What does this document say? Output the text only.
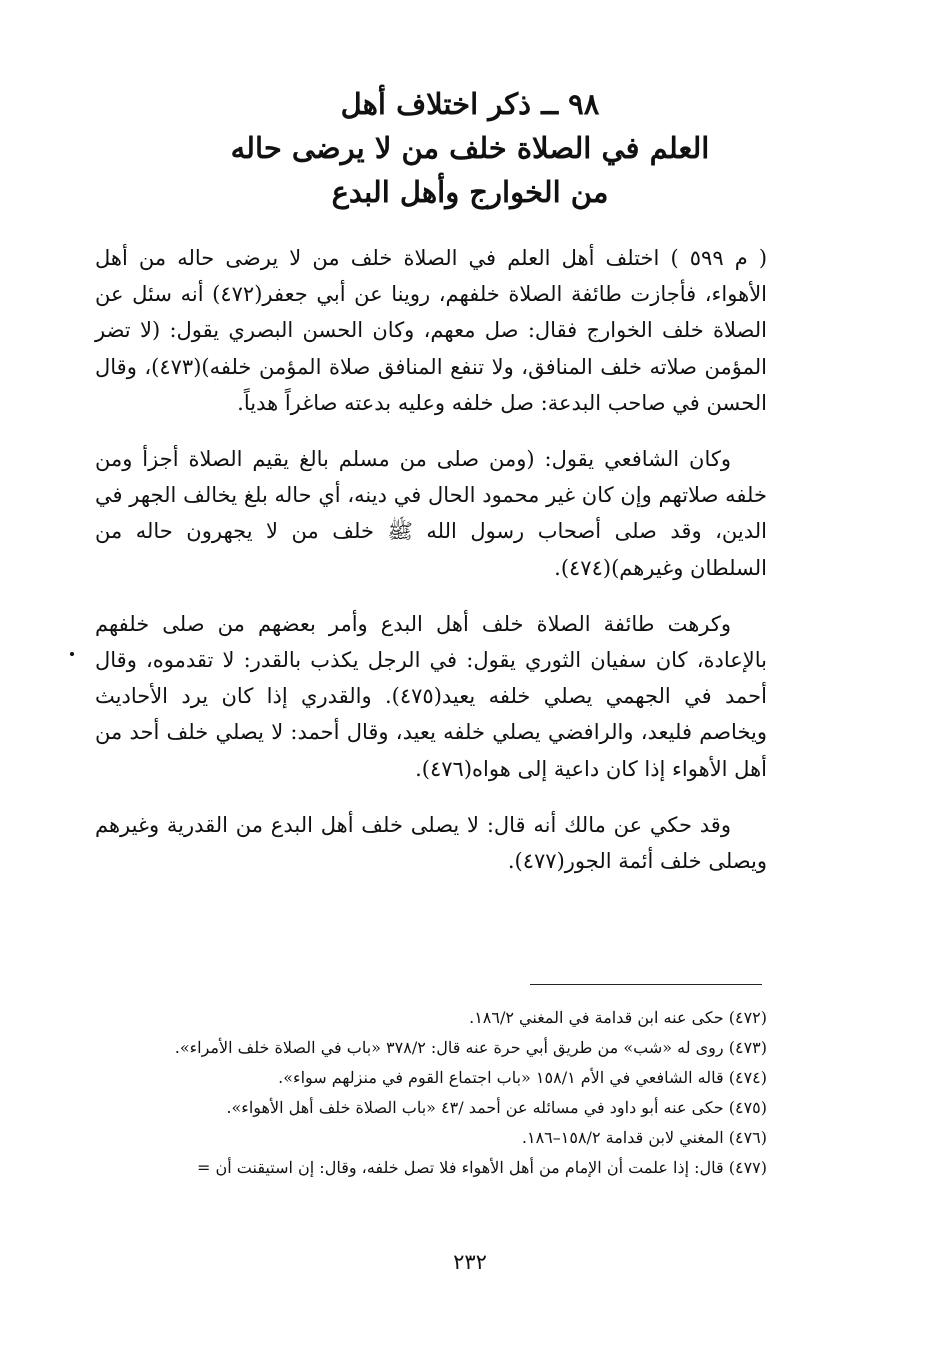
٩٨ ــ ذكر اختلاف أهل
العلم في الصلاة خلف من لا يرضى حاله
من الخوارج وأهل البدع

( م ٥٩٩ ) اختلف أهل العلم في الصلاة خلف من لا يرضى حاله من أهل الأهواء، فأجازت طائفة الصلاة خلفهم، روينا عن أبي جعفر(٤٧٢) أنه سئل عن الصلاة خلف الخوارج فقال: صل معهم، وكان الحسن البصري يقول: (لا تضر المؤمن صلاته خلف المنافق، ولا تنفع المنافق صلاة المؤمن خلفه)(٤٧٣)، وقال الحسن في صاحب البدعة: صل خلفه وعليه بدعته صاغراً هدياً.

وكان الشافعي يقول: (ومن صلى من مسلم بالغ يقيم الصلاة أجزأ ومن خلفه صلاتهم وإن كان غير محمود الحال في دينه، أي حاله بلغ يخالف الجهر في الدين، وقد صلى أصحاب رسول الله ﷺ خلف من لا يجهرون حاله من السلطان وغيرهم)(٤٧٤).

وكرهت طائفة الصلاة خلف أهل البدع وأمر بعضهم من صلى خلفهم بالإعادة، كان سفيان الثوري يقول: في الرجل يكذب بالقدر: لا تقدموه، وقال أحمد في الجهمي يصلي خلفه يعيد(٤٧٥). والقدري إذا كان يرد الأحاديث ويخاصم فليعد، والرافضي يصلي خلفه يعيد، وقال أحمد: لا يصلي خلف أحد من أهل الأهواء إذا كان داعية إلى هواه(٤٧٦).

وقد حكي عن مالك أنه قال: لا يصلى خلف أهل البدع من القدرية وغيرهم ويصلى خلف أئمة الجور(٤٧٧).

(٤٧٢) حكى عنه ابن قدامة في المغني ١٨٦/٢.
(٤٧٣) روى له «شب» من طريق أبي حرة عنه قال: ٣٧٨/٢ «باب في الصلاة خلف الأمراء».
(٤٧٤) قاله الشافعي في الأم ١٥٨/١ «باب اجتماع القوم في منزلهم سواء».
(٤٧٥) حكى عنه أبو داود في مسائله عن أحمد /٤٣ «باب الصلاة خلف أهل الأهواء».
(٤٧٦) المغني لابن قدامة ١٥٨/٢–١٨٦.
(٤٧٧) قال: إذا علمت أن الإمام من أهل الأهواء فلا تصل خلفه، وقال: إن استيقنت أن =
٢٣٢
